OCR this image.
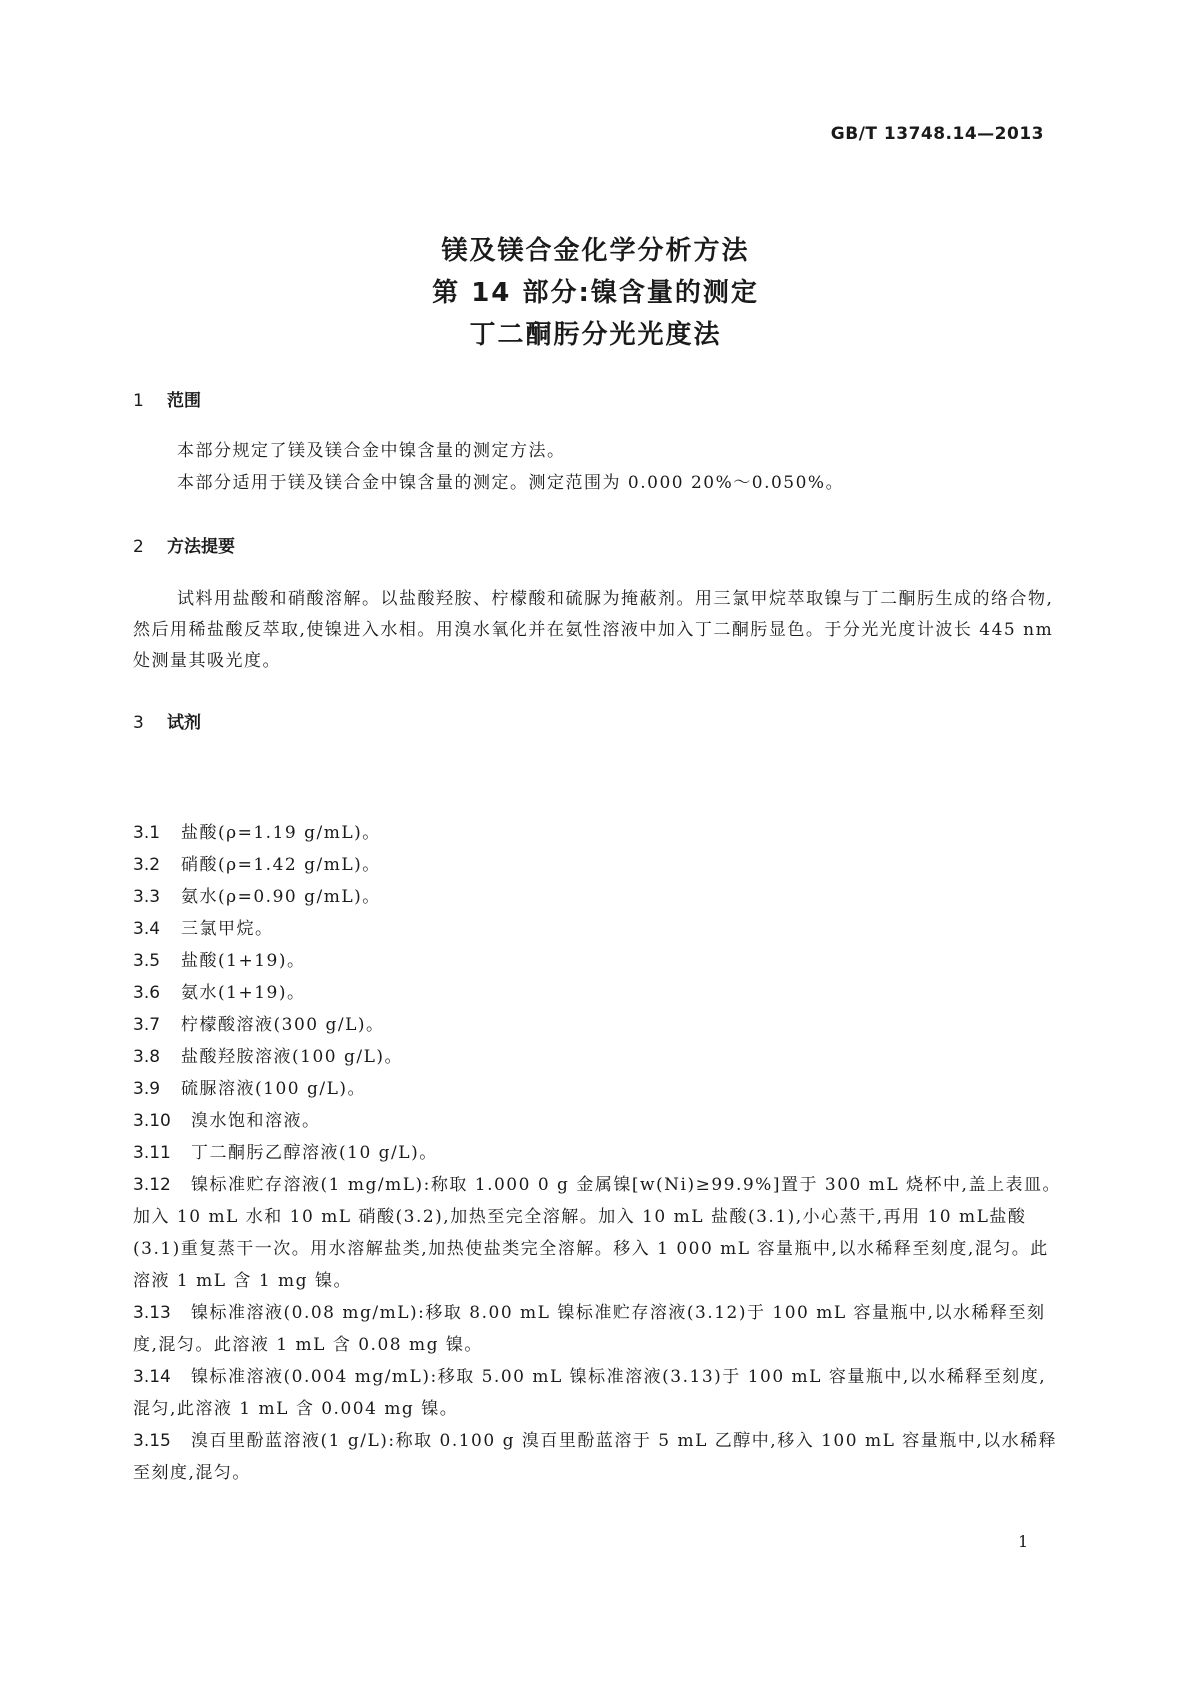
GB/T 13748.14—2013
镁及镁合金化学分析方法
第 14 部分:镍含量的测定
丁二酮肟分光光度法
1 范围
本部分规定了镁及镁合金中镍含量的测定方法。
本部分适用于镁及镁合金中镍含量的测定。测定范围为 0.000 20%～0.050%。
2 方法提要
试料用盐酸和硝酸溶解。以盐酸羟胺、柠檬酸和硫脲为掩蔽剂。用三氯甲烷萃取镍与丁二酮肟生成的络合物,然后用稀盐酸反萃取,使镍进入水相。用溴水氧化并在氨性溶液中加入丁二酮肟显色。于分光光度计波长 445 nm 处测量其吸光度。
3 试剂
3.1 盐酸(ρ=1.19 g/mL)。
3.2 硝酸(ρ=1.42 g/mL)。
3.3 氨水(ρ=0.90 g/mL)。
3.4 三氯甲烷。
3.5 盐酸(1+19)。
3.6 氨水(1+19)。
3.7 柠檬酸溶液(300 g/L)。
3.8 盐酸羟胺溶液(100 g/L)。
3.9 硫脲溶液(100 g/L)。
3.10 溴水饱和溶液。
3.11 丁二酮肟乙醇溶液(10 g/L)。
3.12 镍标准贮存溶液(1 mg/mL):称取 1.000 0 g 金属镍[w(Ni)≥99.9%]置于 300 mL 烧杯中,盖上表皿。加入 10 mL 水和 10 mL 硝酸(3.2),加热至完全溶解。加入 10 mL 盐酸(3.1),小心蒸干,再用 10 mL盐酸(3.1)重复蒸干一次。用水溶解盐类,加热使盐类完全溶解。移入 1 000 mL 容量瓶中,以水稀释至刻度,混匀。此溶液 1 mL 含 1 mg 镍。
3.13 镍标准溶液(0.08 mg/mL):移取 8.00 mL 镍标准贮存溶液(3.12)于 100 mL 容量瓶中,以水稀释至刻度,混匀。此溶液 1 mL 含 0.08 mg 镍。
3.14 镍标准溶液(0.004 mg/mL):移取 5.00 mL 镍标准溶液(3.13)于 100 mL 容量瓶中,以水稀释至刻度,混匀,此溶液 1 mL 含 0.004 mg 镍。
3.15 溴百里酚蓝溶液(1 g/L):称取 0.100 g 溴百里酚蓝溶于 5 mL 乙醇中,移入 100 mL 容量瓶中,以水稀释至刻度,混匀。
1
